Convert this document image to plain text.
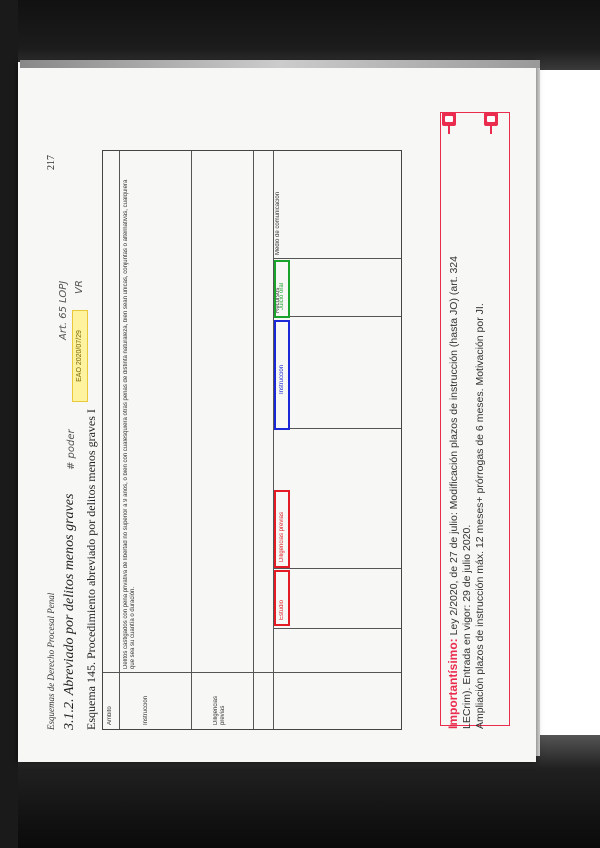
Esquemas de Derecho Procesal Penal
217
3.1.2. Abreviado por delitos menos graves Esquema 145. Procedimiento abreviado por delitos menos graves I
EAO 2020/07/29
Art. 65 LOPJ
# poder
VR
Ámbito	Instrucción	Diligencias previas
Delitos castigados con pena privativa de libertad no superior a 9 años, o bien con cualesquiera otras penas de distinta naturaleza, bien sean únicas, conjuntas o alternativas, cualquiera que sea su cuantía o duración.
Medio de comunicación
Recursos
Estudio
Diligencias previas
Instrucción
Juicio oral
Importantísimo: Ley 2/2020, de 27 de julio: Modificación plazos de instrucción (hasta JO) (art. 324
LECrim). Entrada en vigor: 29 de julio 2020.
Ampliación plazos de instrucción máx. 12 meses+ prórrogas de 6 meses. Motivación por JI.
